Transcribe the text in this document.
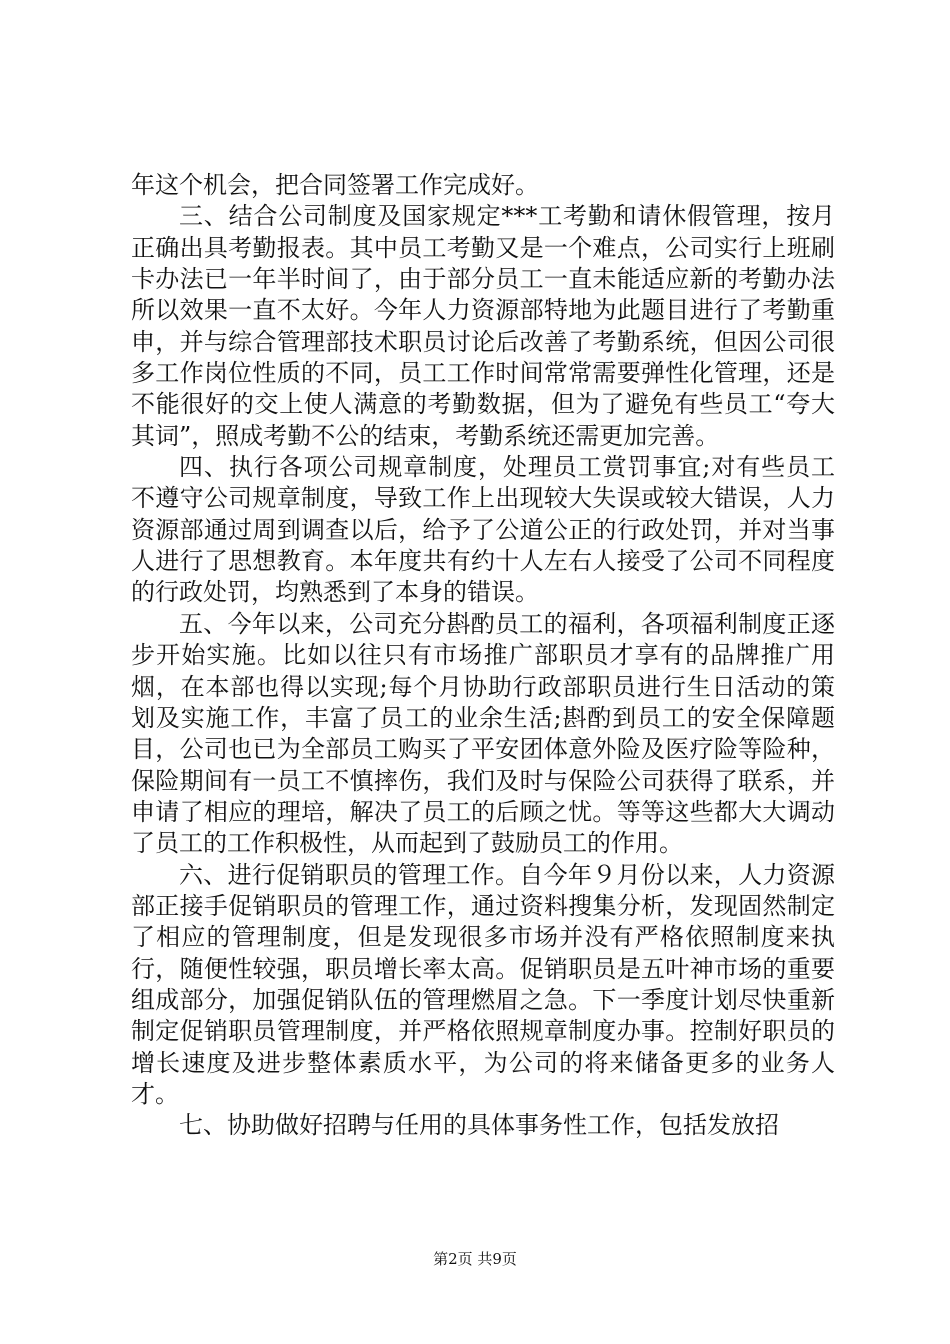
年这个机会，把合同签署工作完成好。

三、结合公司制度及国家规定***工考勤和请休假管理，按月正确出具考勤报表。其中员工考勤又是一个难点，公司实行上班刷卡办法已一年半时间了，由于部分员工一直未能适应新的考勤办法所以效果一直不太好。今年人力资源部特地为此题目进行了考勤重申，并与综合管理部技术职员讨论后改善了考勤系统，但因公司很多工作岗位性质的不同，员工工作时间常常需要弹性化管理，还是不能很好的交上使人满意的考勤数据，但为了避免有些员工“夸大其词”，照成考勤不公的结束，考勤系统还需更加完善。

四、执行各项公司规章制度，处理员工赏罚事宜;对有些员工不遵守公司规章制度，导致工作上出现较大失误或较大错误，人力资源部通过周到调查以后，给予了公道公正的行政处罚，并对当事人进行了思想教育。本年度共有约十人左右人接受了公司不同程度的行政处罚，均熟悉到了本身的错误。

五、今年以来，公司充分斟酌员工的福利，各项福利制度正逐步开始实施。比如以往只有市场推广部职员才享有的品牌推广用烟，在本部也得以实现;每个月协助行政部职员进行生日活动的策划及实施工作，丰富了员工的业余生活;斟酌到员工的安全保障题目，公司也已为全部员工购买了平安团体意外险及医疗险等险种，保险期间有一员工不慎摔伤，我们及时与保险公司获得了联系，并申请了相应的理培，解决了员工的后顾之忧。等等这些都大大调动了员工的工作积极性，从而起到了鼓励员工的作用。

六、进行促销职员的管理工作。自今年９月份以来，人力资源部正接手促销职员的管理工作，通过资料搜集分析，发现固然制定了相应的管理制度，但是发现很多市场并没有严格依照制度来执行，随便性较强，职员增长率太高。促销职员是五叶神市场的重要组成部分，加强促销队伍的管理燃眉之急。下一季度计划尽快重新制定促销职员管理制度，并严格依照规章制度办事。控制好职员的增长速度及进步整体素质水平，为公司的将来储备更多的业务人才。

七、协助做好招聘与任用的具体事务性工作，包括发放招

第2页 共9页
